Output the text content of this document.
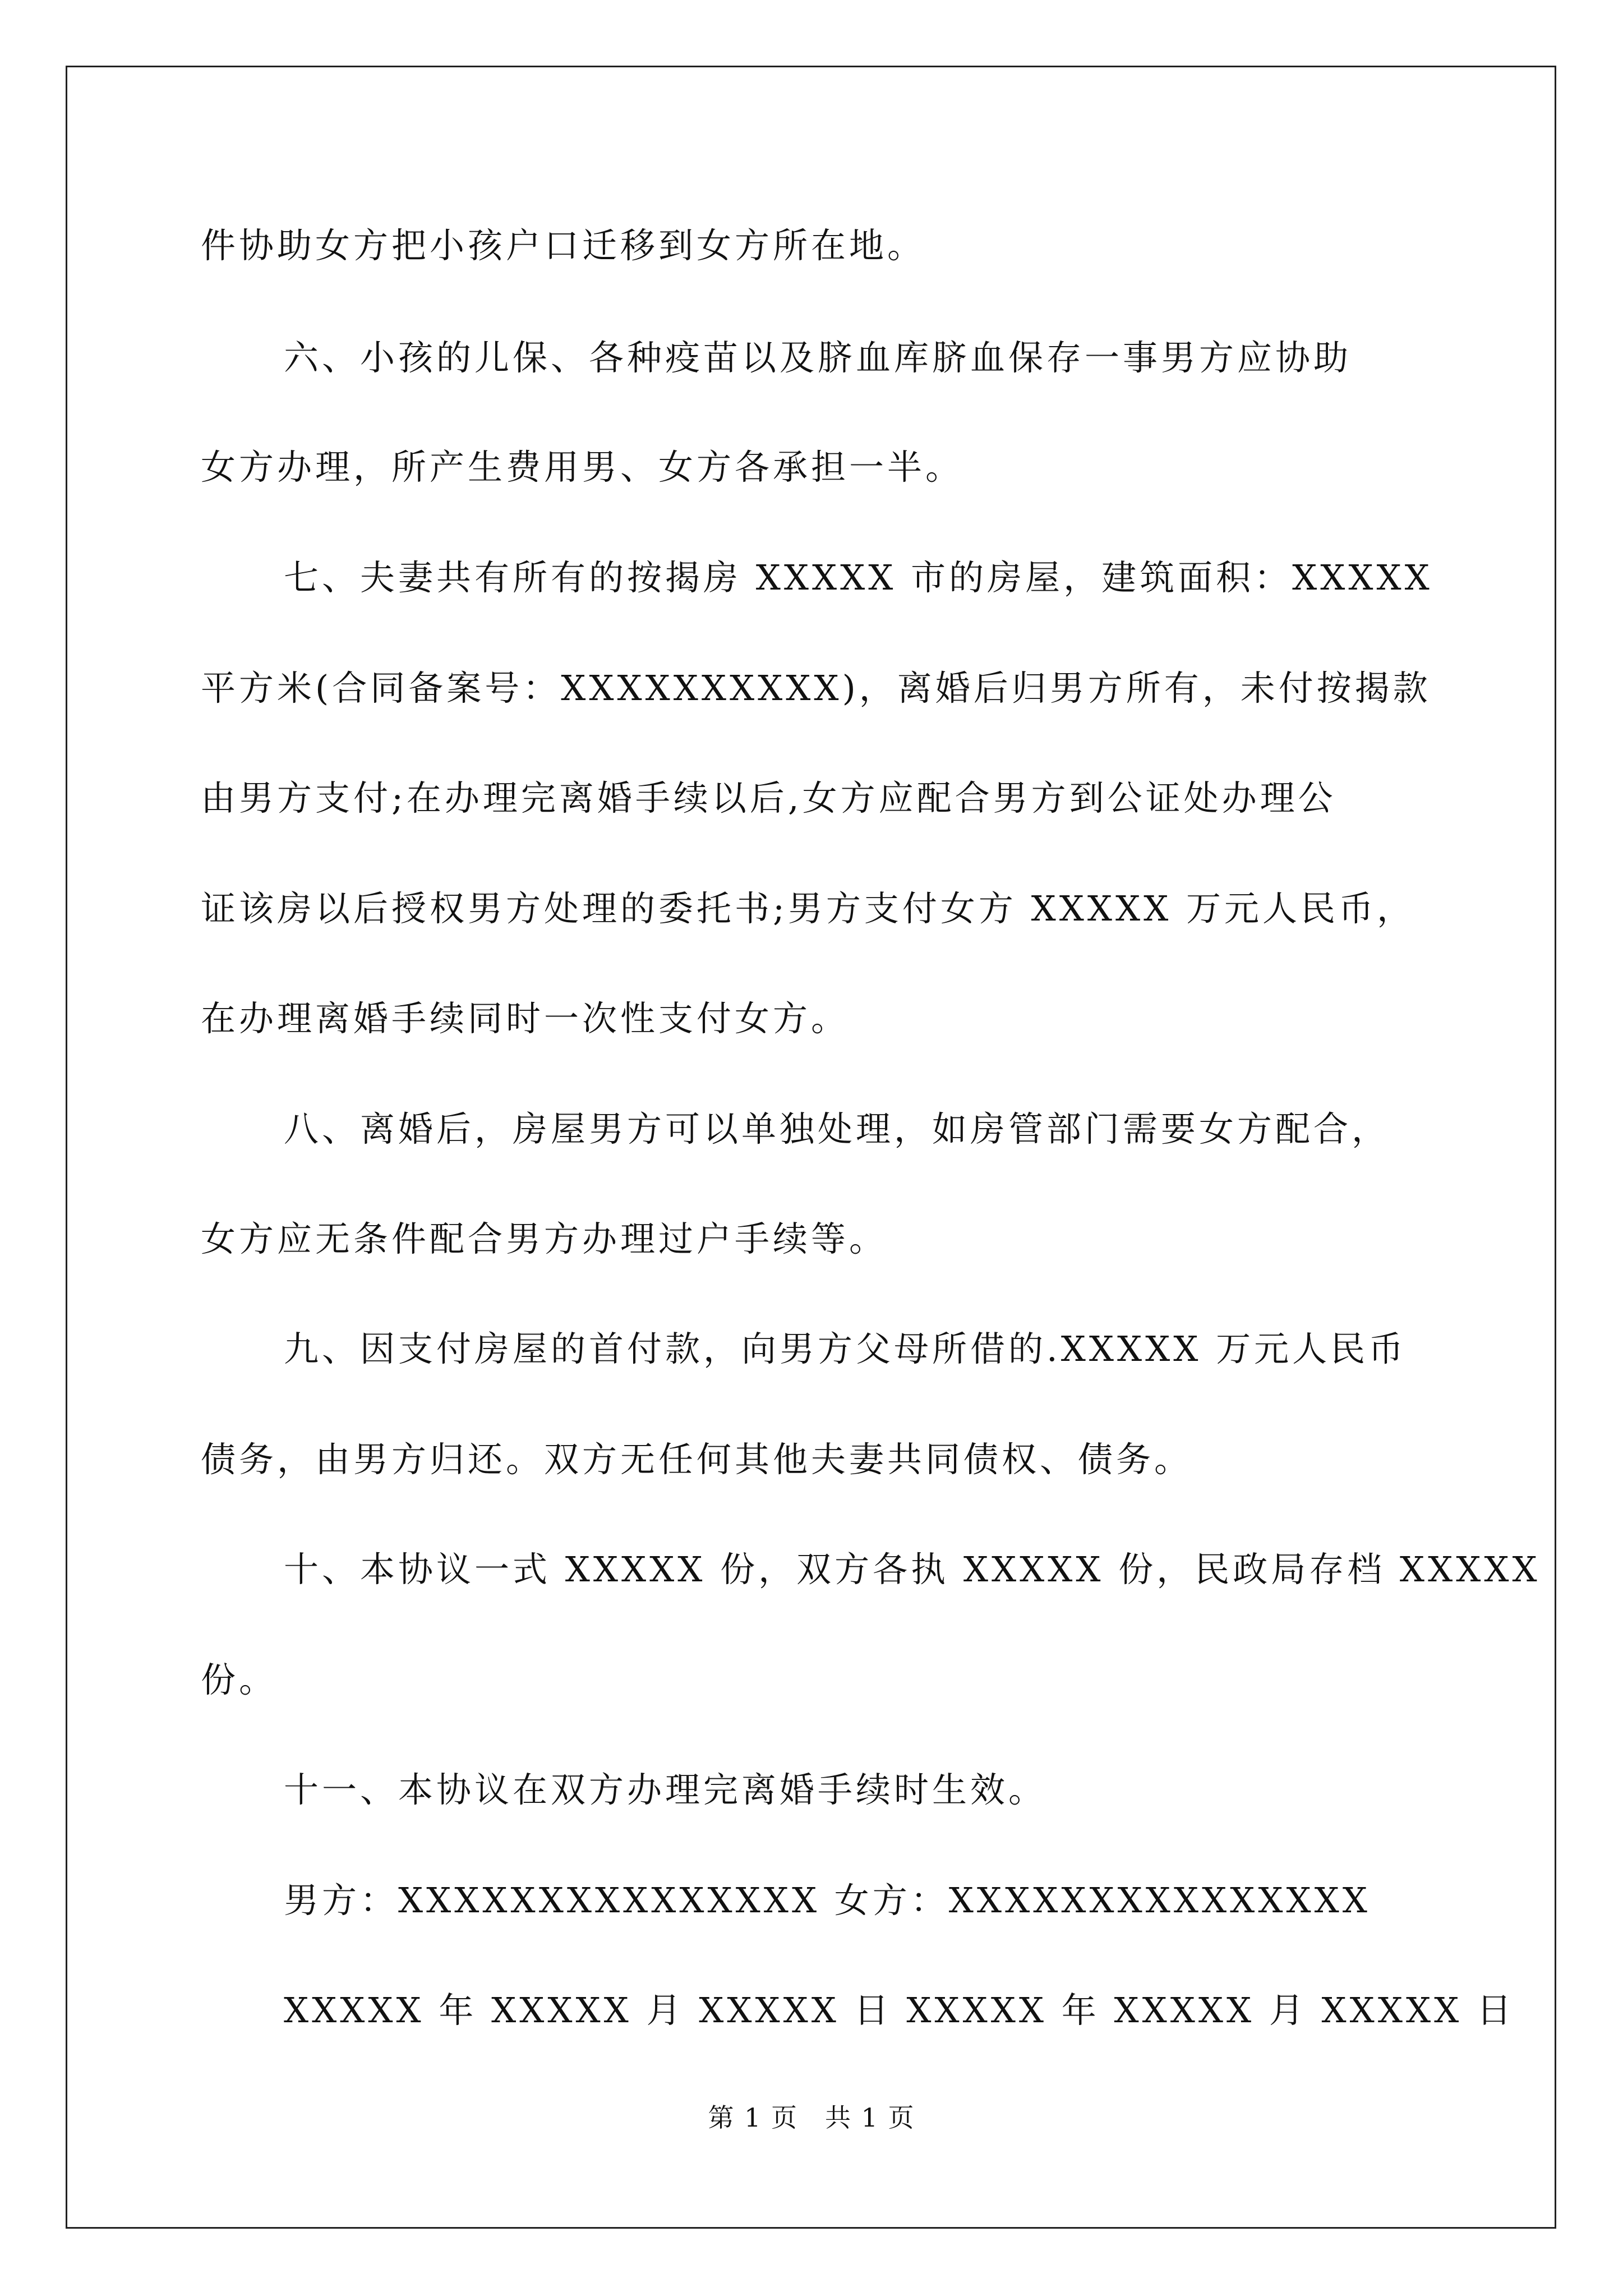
件协助女方把小孩户口迁移到女方所在地。

六、小孩的儿保、各种疫苗以及脐血库脐血保存一事男方应协助

女方办理，所产生费用男、女方各承担一半。

七、夫妻共有所有的按揭房 XXXXX 市的房屋，建筑面积：XXXXX

平方米(合同备案号：XXXXXXXXXX)，离婚后归男方所有，未付按揭款

由男方支付;在办理完离婚手续以后,女方应配合男方到公证处办理公

证该房以后授权男方处理的委托书;男方支付女方 XXXXX 万元人民币，

在办理离婚手续同时一次性支付女方。

八、离婚后，房屋男方可以单独处理，如房管部门需要女方配合，

女方应无条件配合男方办理过户手续等。

九、因支付房屋的首付款，向男方父母所借的.XXXXX 万元人民币

债务，由男方归还。双方无任何其他夫妻共同债权、债务。

十、本协议一式 XXXXX 份，双方各执 XXXXX 份，民政局存档 XXXXX

份。

十一、本协议在双方办理完离婚手续时生效。

男方：XXXXXXXXXXXXXXX 女方：XXXXXXXXXXXXXXX

XXXXX 年 XXXXX 月 XXXXX 日 XXXXX 年 XXXXX 月 XXXXX 日

第 1 页　共 1 页
